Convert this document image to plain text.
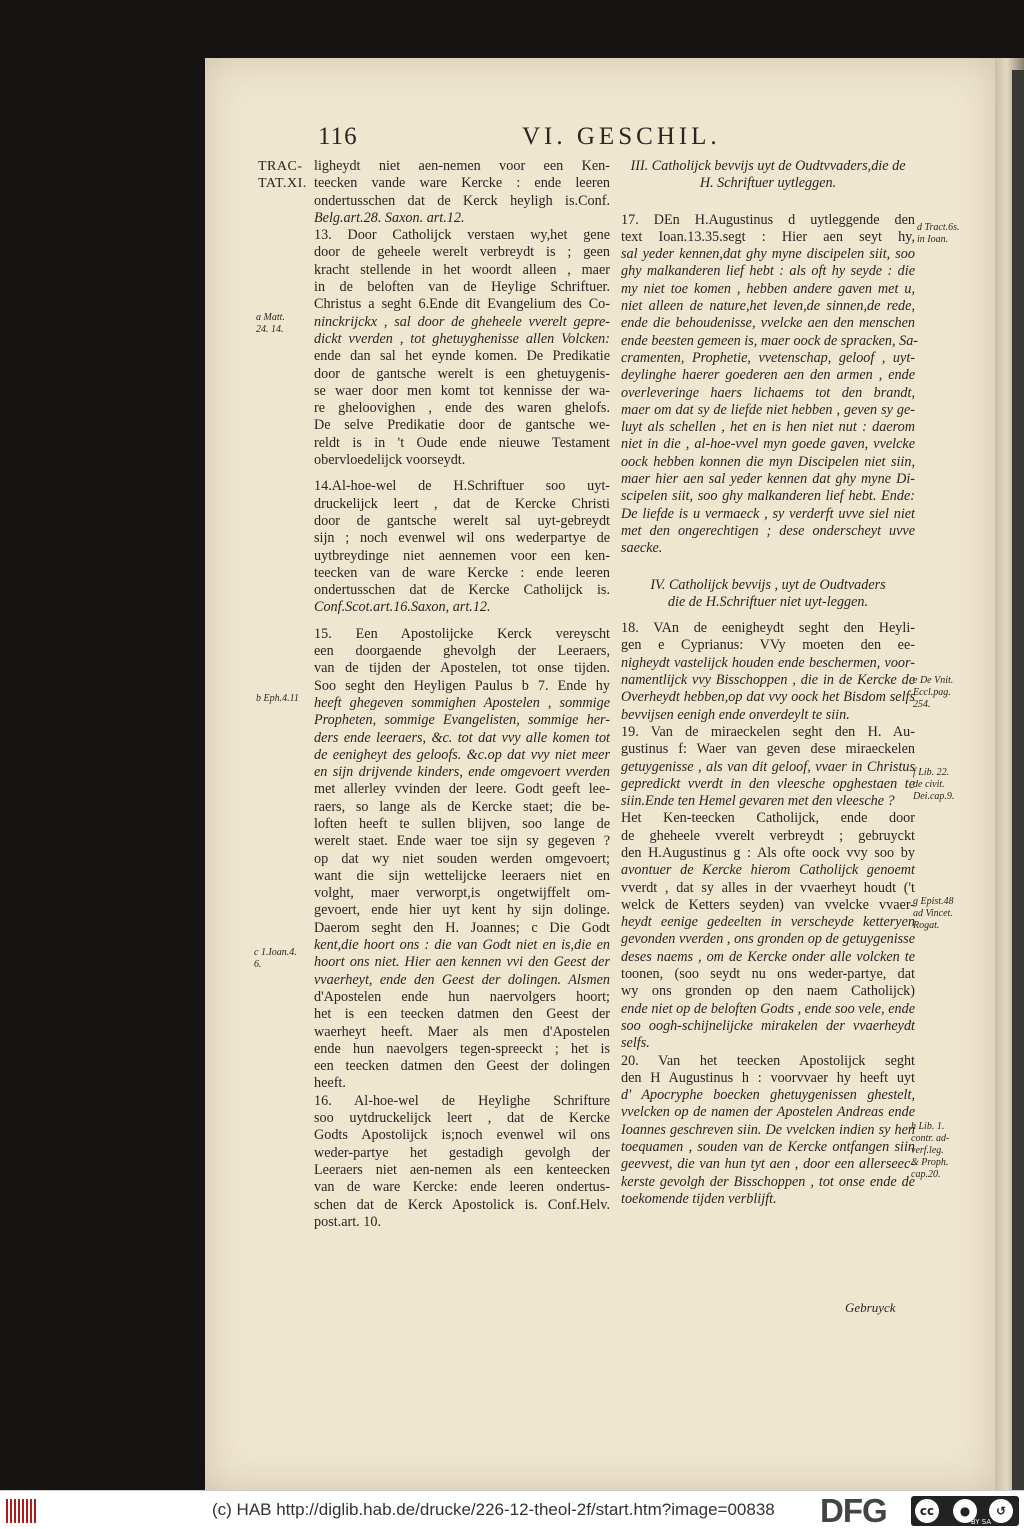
116	VI. GESCHIL.
TRAC-
TAT.XI.
a Matt.
24. 14.
b Eph.4.11
c 1.Ioan.4.
6.
d Tract.6s.
in Ioan.
e De Vnit.
Eccl.pag.
254.
f Lib. 22.
de civit.
Dei.cap.9.
g Epist.48
ad Vincet.
Rogat.
h Lib. 1.
contr. ad-
verf.leg.
& Proph.
cap.20.
ligheydt niet aen-nemen voor een Ken-
teecken vande ware Kercke : ende leeren
ondertusschen dat de Kerck heyligh is.Conf.
Belg.art.28. Saxon. art.12.
13. Door Catholijck verstaen wy,het gene
door de geheele werelt verbreydt is ; geen
kracht stellende in het woordt alleen , maer
in de beloften van de Heylige Schriftuer.
Christus a seght 6.Ende dit Evangelium des Co-
ninckrijckx , sal door de gheheele vverelt gepre-
dickt vverden , tot ghetuyghenisse allen Volcken:
ende dan sal het eynde komen. De Predikatie
door de gantsche werelt is een ghetuygenis-
se waer door men komt tot kennisse der wa-
re gheloovighen , ende des waren ghelofs.
De selve Predikatie door de gantsche we-
reldt is in 't Oude ende nieuwe Testament
obervloedelijck voorseydt.
14.Al-hoe-wel de H.Schriftuer soo uyt-
druckelijck leert , dat de Kercke Christi
door de gantsche werelt sal uyt-gebreydt
sijn ; noch evenwel wil ons wederpartye de
uytbreydinge niet aennemen voor een ken-
teecken van de ware Kercke : ende leeren
ondertusschen dat de Kercke Catholijck is.
Conf.Scot.art.16.Saxon, art.12.
15. Een Apostolijcke Kerck vereyscht
een doorgaende ghevolgh der Leeraers,
van de tijden der Apostelen, tot onse tijden.
Soo seght den Heyligen Paulus b 7. Ende hy
heeft ghegeven sommighen Apostelen , sommige
Propheten, sommige Evangelisten, sommige her-
ders ende leeraers, &c. tot dat vvy alle komen tot
de eenigheyt des geloofs. &c.op dat vvy niet meer
en sijn drijvende kinders, ende omgevoert vverden
met allerley vvinden der leere. Godt geeft lee-
raers, so lange als de Kercke staet; die be-
loften heeft te sullen blijven, soo lange de
werelt staet. Ende waer toe sijn sy gegeven ?
op dat wy niet souden werden omgevoert;
want die sijn wettelijcke leeraers niet en
volght, maer verworpt,is ongetwijffelt om-
gevoert, ende hier uyt kent hy sijn dolinge.
Daerom seght den H. Joannes; c Die Godt
kent,die hoort ons : die van Godt niet en is,die en
hoort ons niet. Hier aen kennen vvi den Geest der
vvaerheyt, ende den Geest der dolingen. Alsmen
d'Apostelen ende hun naervolgers hoort;
het is een teecken datmen den Geest der
waerheyt heeft. Maer als men d'Apostelen
ende hun naevolgers tegen-spreeckt ; het is
een teecken datmen den Geest der dolingen
heeft.
16. Al-hoe-wel de Heylighe Schrifture
soo uytdruckelijck leert , dat de Kercke
Godts Apostolijck is;noch evenwel wil ons
weder-partye het gestadigh gevolgh der
Leeraers niet aen-nemen als een kenteecken
van de ware Kercke: ende leeren ondertus-
schen dat de Kerck Apostolick is. Conf.Helv.
post.art. 10.
III. Catholijck bevvijs uyt de Oudtvvaders,die de
H. Schriftuer uytleggen.
17. DEn H.Augustinus d uytleggende den
text Ioan.13.35.segt : Hier aen seyt hy,
sal yeder kennen,dat ghy myne discipelen siit, soo
ghy malkanderen lief hebt : als oft hy seyde : die
my niet toe komen , hebben andere gaven met u,
niet alleen de nature,het leven,de sinnen,de rede,
ende die behoudenisse, vvelcke aen den menschen
ende beesten gemeen is, maer oock de spracken, Sa-
cramenten, Prophetie, vvetenschap, geloof , uyt-
deylinghe haerer goederen aen den armen , ende
overleveringe haers lichaems tot den brandt,
maer om dat sy de liefde niet hebben , geven sy ge-
luyt als schellen , het en is hen niet nut : daerom
niet in die , al-hoe-vvel myn goede gaven, vvelcke
oock hebben konnen die myn Discipelen niet siin,
maer hier aen sal yeder kennen dat ghy myne Di-
scipelen siit, soo ghy malkanderen lief hebt. Ende:
De liefde is u vermaeck , sy verderft uvve siel niet
met den ongerechtigen ; dese onderscheyt uvve
saecke.
IV. Catholijck bevvijs , uyt de Oudtvaders
die de H.Schriftuer niet uyt-leggen.
18. VAn de eenigheydt seght den Heyli-
gen e Cyprianus: VVy moeten den ee-
nigheydt vastelijck houden ende beschermen, voor-
namentlijck vvy Bisschoppen , die in de Kercke de
Overheydt hebben,op dat vvy oock het Bisdom selfs
bevvijsen eenigh ende onverdeylt te siin.
19. Van de miraeckelen seght den H. Au-
gustinus f: Waer van geven dese miraeckelen
getuygenisse , als van dit geloof, vvaer in Christus
gepredickt vverdt in den vleesche opghestaen te
siin.Ende ten Hemel gevaren met den vleesche ?
Het Ken-teecken Catholijck, ende door
de gheheele vverelt verbreydt ; gebruyckt
den H.Augustinus g : Als ofte oock vvy soo by
avontuer de Kercke hierom Catholijck genoemt
vverdt , dat sy alles in der vvaerheyt houdt ('t
welck de Ketters seyden) van vvelcke vvaer-
heydt eenige gedeelten in verscheyde ketteryen
gevonden vverden , ons gronden op de getuygenisse
deses naems , om de Kercke onder alle volcken te
toonen, (soo seydt nu ons weder-partye, dat
wy ons gronden op den naem Catholijck)
ende niet op de beloften Godts , ende soo vele, ende
soo oogh-schijnelijcke mirakelen der vvaerheydt
selfs.
20. Van het teecken Apostolijck seght
den H Augustinus h : voorvvaer hy heeft uyt
d' Apocryphe boecken ghetuygenissen ghestelt,
vvelcken op de namen der Apostelen Andreas ende
Ioannes geschreven siin. De vvelcken indien sy hen
toequamen , souden van de Kercke ontfangen siin
geevvest, die van hun tyt aen , door een allerseec-
kerste gevolgh der Bisschoppen , tot onse ende de
toekomende tijden verblijft.
Gebruyck
(c) HAB http://diglib.hab.de/drucke/226-12-theol-2f/start.htm?image=00838 DFG	cc	●	↺
BY SA
